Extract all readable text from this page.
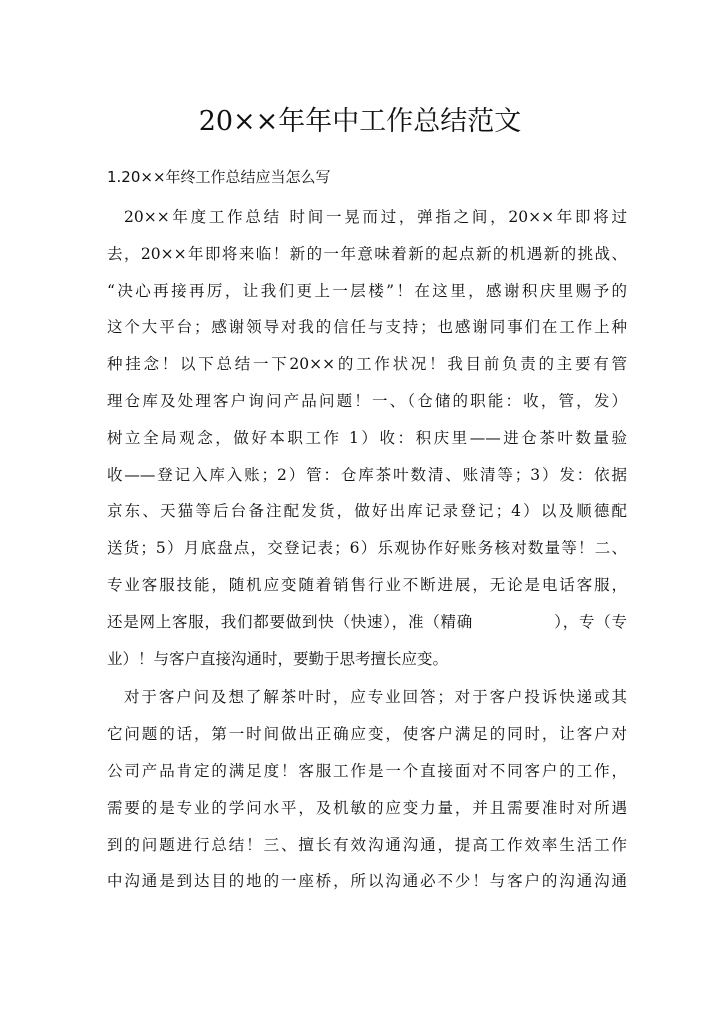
20××年年中工作总结范文
1.20××年终工作总结应当怎么写
20××年度工作总结 时间一晃而过，弹指之间，20××年即将过
去，20××年即将来临！新的一年意味着新的起点新的机遇新的挑战、
“决心再接再厉，让我们更上一层楼”！在这里，感谢积庆里赐予的
这个大平台；感谢领导对我的信任与支持；也感谢同事们在工作上种
种挂念！以下总结一下20××的工作状况！我目前负责的主要有管
理仓库及处理客户询问产品问题！一、（仓储的职能：收，管，发）
树立全局观念，做好本职工作 1）收：积庆里——进仓茶叶数量验
收——登记入库入账；2）管：仓库茶叶数清、账清等；3）发：依据
京东、天猫等后台备注配发货，做好出库记录登记；4）以及顺德配
送货；5）月底盘点，交登记表；6）乐观协作好账务核对数量等！二、
专业客服技能，随机应变随着销售行业不断进展，无论是电话客服，
还是网上客服，我们都要做到快（快速），准（精确　　　　　），专（专
业）！与客户直接沟通时，要勤于思考擅长应变。
对于客户问及想了解茶叶时，应专业回答；对于客户投诉快递或其
它问题的话，第一时间做出正确应变，使客户满足的同时，让客户对
公司产品肯定的满足度！客服工作是一个直接面对不同客户的工作，
需要的是专业的学问水平，及机敏的应变力量，并且需要准时对所遇
到的问题进行总结！三、擅长有效沟通沟通，提高工作效率生活工作
中沟通是到达目的地的一座桥，所以沟通必不少！与客户的沟通沟通
